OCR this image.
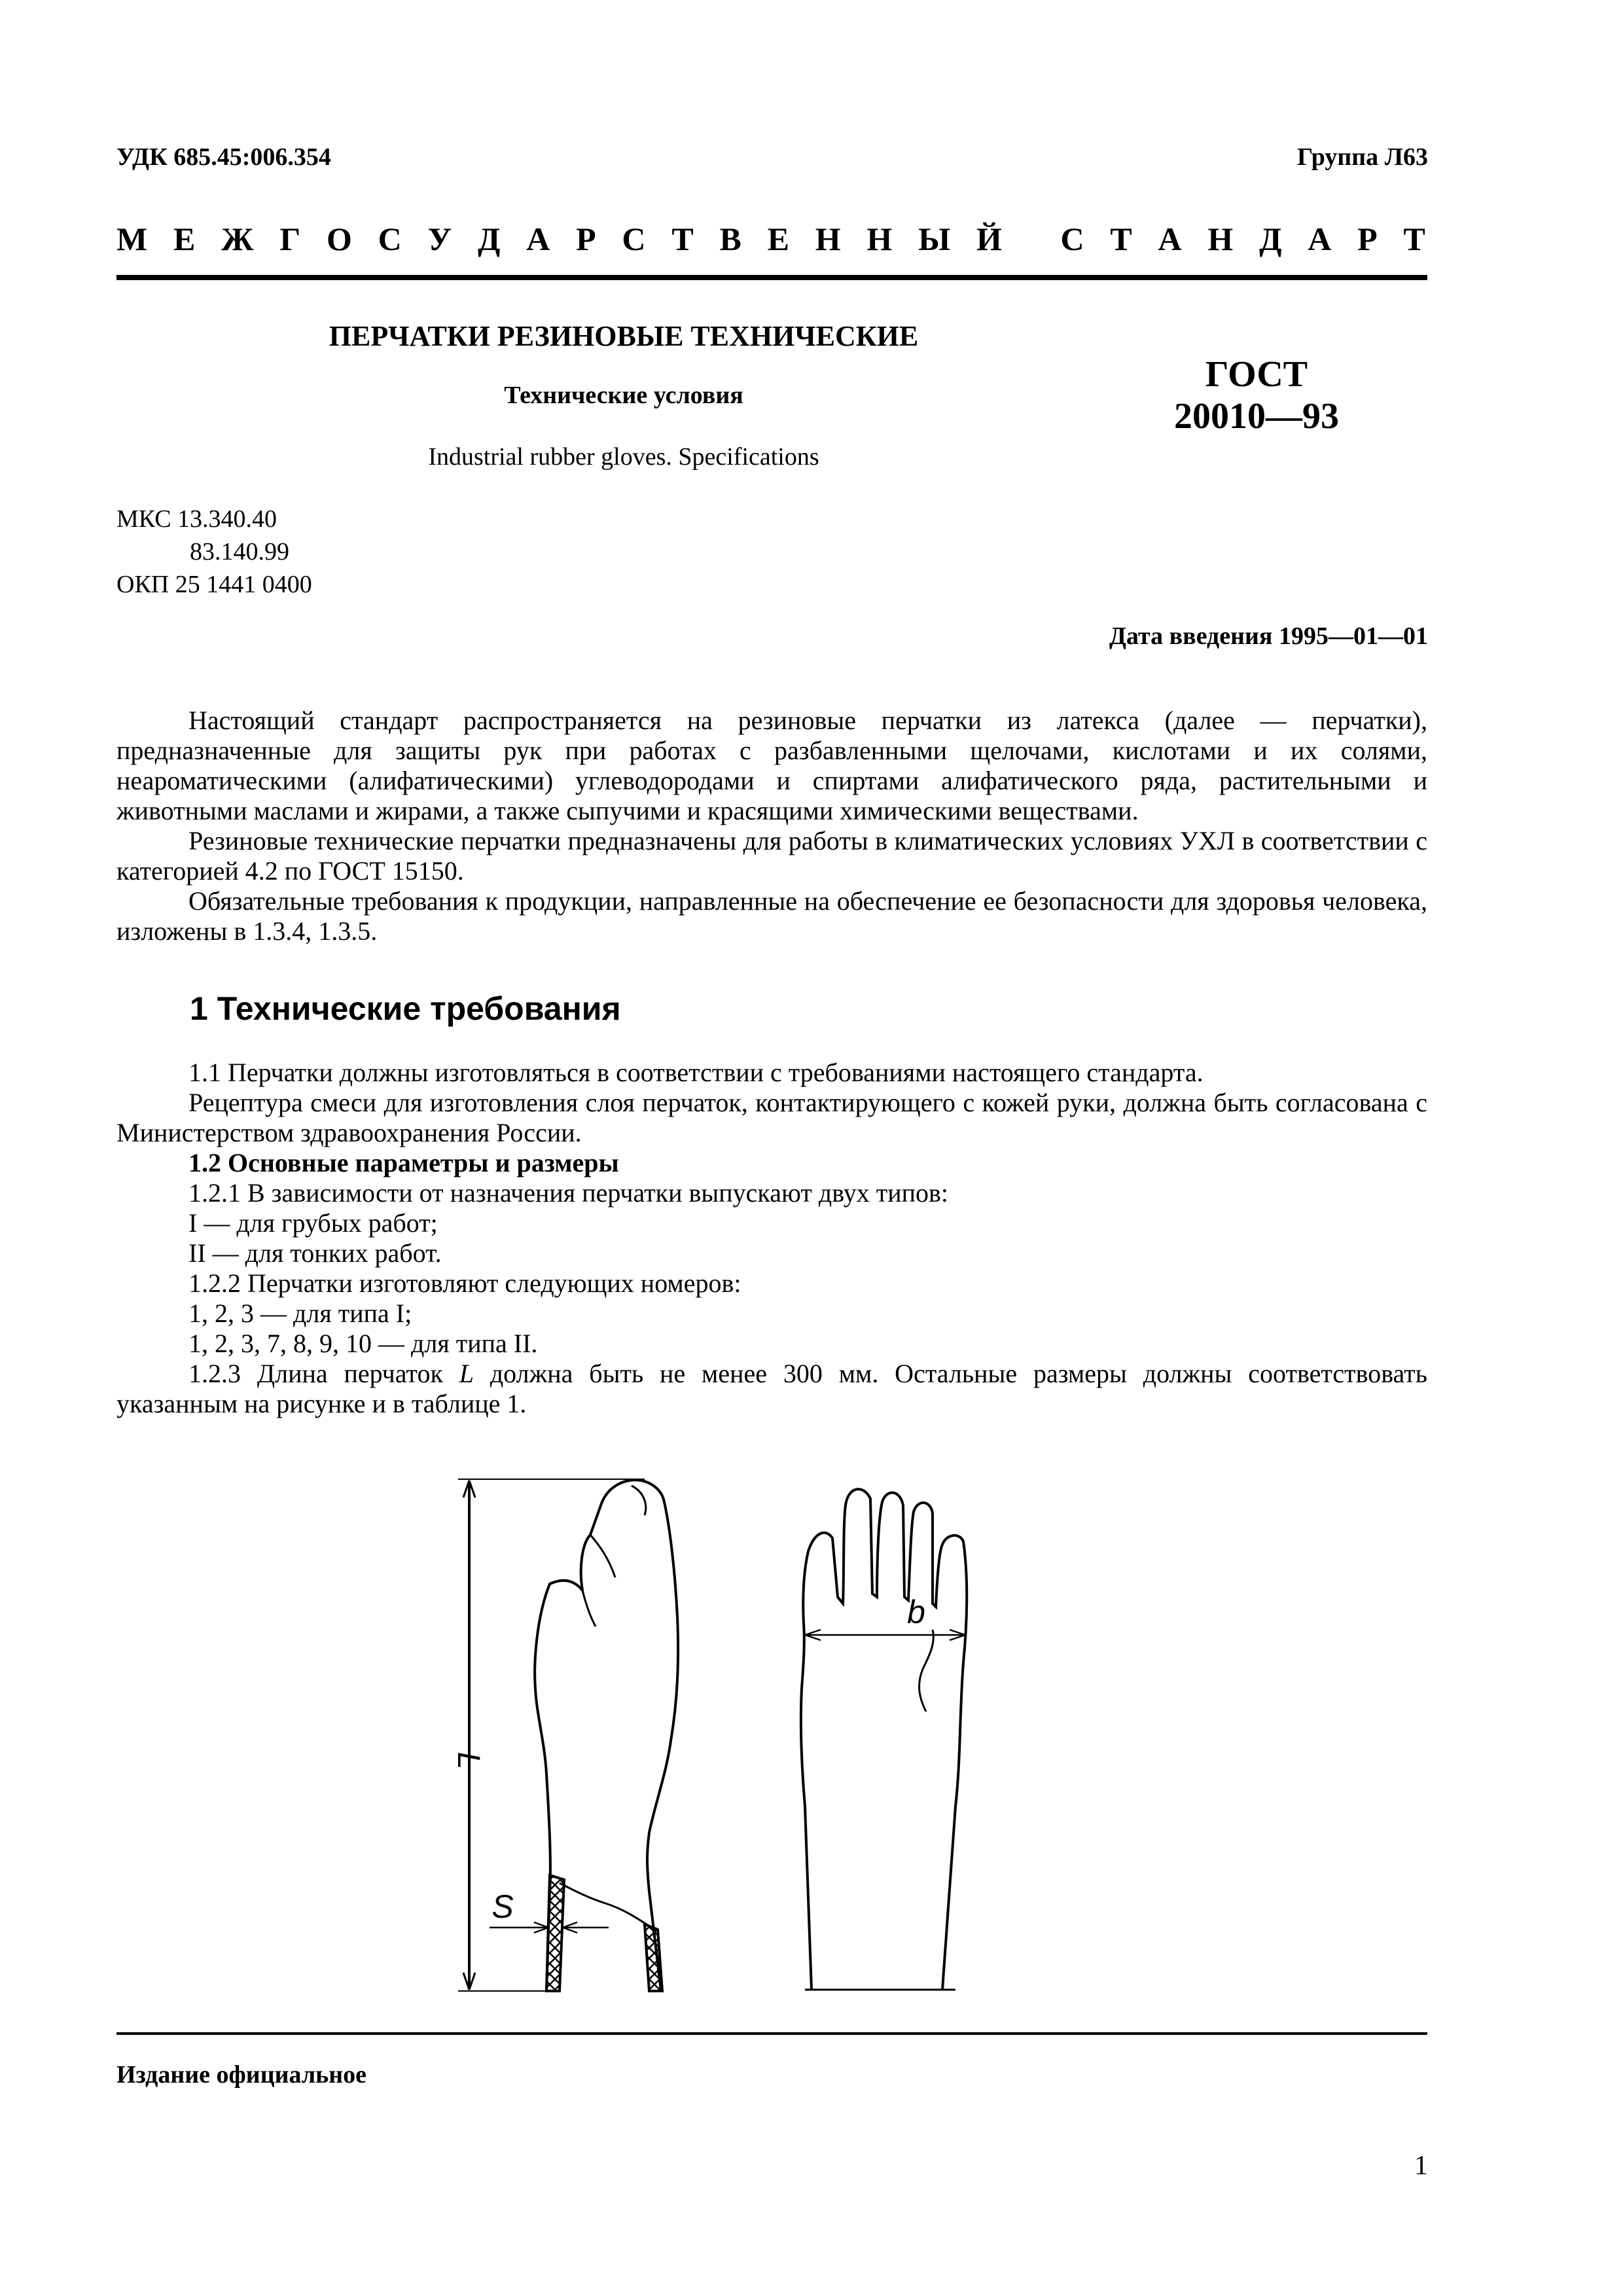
УДК 685.45:006.354	Группа Л63
М Е Ж Г О С У Д А Р С Т В Е Н Н Ы Й С Т А Н Д А Р Т
ПЕРЧАТКИ РЕЗИНОВЫЕ ТЕХНИЧЕСКИЕ
Технические условия
Industrial rubber gloves. Specifications
ГОСТ
20010—93
МКС 13.340.40
83.140.99
ОКП 25 1441 0400
Дата введения 1995—01—01

Настоящий стандарт распространяется на резиновые перчатки из латекса (далее — перчатки), предназначенные для защиты рук при работах с разбавленными щелочами, кислотами и их солями, неароматическими (алифатическими) углеводородами и спиртами алифатического ряда, растительными и животными маслами и жирами, а также сыпучими и красящими химическими веществами.

Резиновые технические перчатки предназначены для работы в климатических условиях УХЛ в соответствии с категорией 4.2 по ГОСТ 15150.

Обязательные требования к продукции, направленные на обеспечение ее безопасности для здоровья человека, изложены в 1.3.4, 1.3.5.

1 Технические требования

1.1 Перчатки должны изготовляться в соответствии с требованиями настоящего стандарта.

Рецептура смеси для изготовления слоя перчаток, контактирующего с кожей руки, должна быть согласована с Министерством здравоохранения России.

1.2 Основные параметры и размеры

1.2.1 В зависимости от назначения перчатки выпускают двух типов:

I — для грубых работ;

II — для тонких работ.

1.2.2 Перчатки изготовляют следующих номеров:

1, 2, 3 — для типа I;

1, 2, 3, 7, 8, 9, 10 — для типа II.

1.2.3 Длина перчаток L должна быть не менее 300 мм. Остальные размеры должны соответствовать указанным на рисунке и в таблице 1.

L
S
b
Издание официальное
1
